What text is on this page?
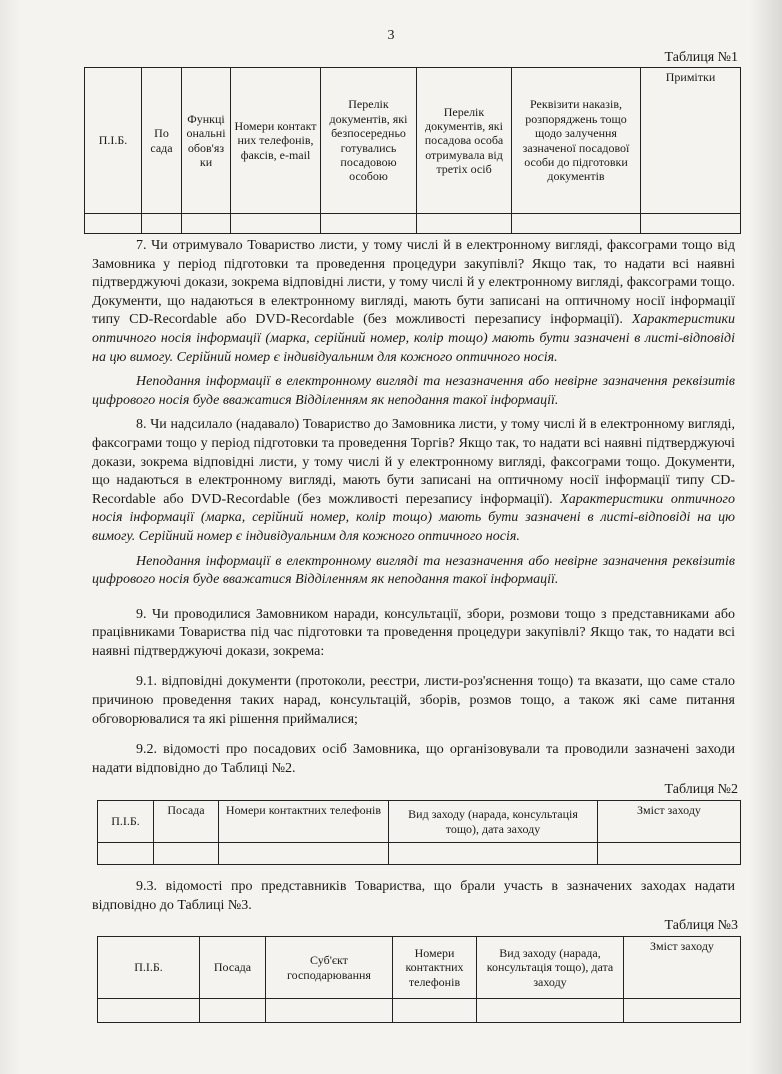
3
Таблиця №1
П.І.Б.	По сада	Функці ональні обов'яз ки	Номери контакт них телефонів, факсів, e-mail	Перелік документів, які безпосередньо готувались посадовою особою	Перелік документів, які посадова особа отримувала від третіх осіб	Реквізити наказів, розпоряджень тощо щодо залучення зазначеної посадової особи до підготовки документів	Примітки

7. Чи отримувало Товариство листи, у тому числі й в електронному вигляді, факсограми тощо від Замовника у період підготовки та проведення процедури закупівлі? Якщо так, то надати всі наявні підтверджуючі докази, зокрема відповідні листи, у тому числі й у електронному вигляді, факсограми тощо. Документи, що надаються в електронному вигляді, мають бути записані на оптичному носії інформації типу CD-Recordable або DVD-Recordable (без можливості перезапису інформації). Характеристики оптичного носія інформації (марка, серійний номер, колір тощо) мають бути зазначені в листі-відповіді на цю вимогу. Серійний номер є індивідуальним для кожного оптичного носія.

Неподання інформації в електронному вигляді та незазначення або невірне зазначення реквізитів цифрового носія буде вважатися Відділенням як неподання такої інформації.

8. Чи надсилало (надавало) Товариство до Замовника листи, у тому числі й в електронному вигляді, факсограми тощо у період підготовки та проведення Торгів? Якщо так, то надати всі наявні підтверджуючі докази, зокрема відповідні листи, у тому числі й у електронному вигляді, факсограми тощо. Документи, що надаються в електронному вигляді, мають бути записані на оптичному носії інформації типу CD-Recordable або DVD-Recordable (без можливості перезапису інформації). Характеристики оптичного носія інформації (марка, серійний номер, колір тощо) мають бути зазначені в листі-відповіді на цю вимогу. Серійний номер є індивідуальним для кожного оптичного носія.

Неподання інформації в електронному вигляді та незазначення або невірне зазначення реквізитів цифрового носія буде вважатися Відділенням як неподання такої інформації.

9. Чи проводилися Замовником наради, консультації, збори, розмови тощо з представниками або працівниками Товариства під час підготовки та проведення процедури закупівлі? Якщо так, то надати всі наявні підтверджуючі докази, зокрема:

9.1. відповідні документи (протоколи, реєстри, листи-роз'яснення тощо) та вказати, що саме стало причиною проведення таких нарад, консультацій, зборів, розмов тощо, а також які саме питання обговорювалися та які рішення приймалися;

9.2. відомості про посадових осіб Замовника, що організовували та проводили зазначені заходи надати відповідно до Таблиці №2.

Таблиця №2
П.І.Б.	Посада	Номери контактних телефонів	Вид заходу (нарада, консультація тощо), дата заходу	Зміст заходу

9.3. відомості про представників Товариства, що брали участь в зазначених заходах надати відповідно до Таблиці №3.

Таблиця №3
П.І.Б.	Посада	Суб'єкт господарювання	Номери контактних телефонів	Вид заходу (нарада, консультація тощо), дата заходу	Зміст заходу
